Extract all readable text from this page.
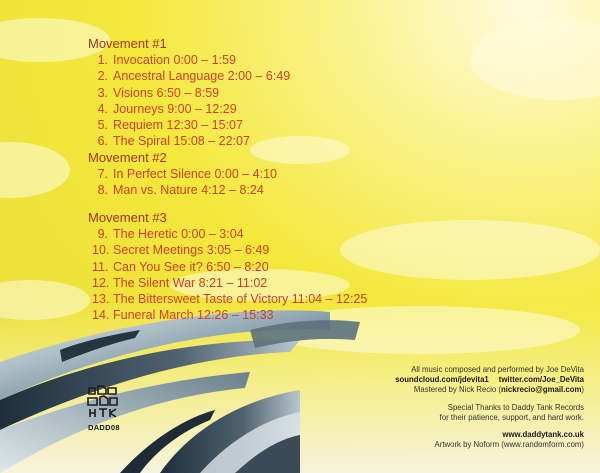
Movement #1
1. Invocation 0:00 – 1:59
2. Ancestral Language 2:00 – 6:49
3. Visions 6:50 – 8:59
4. Journeys 9:00 – 12:29
5. Requiem 12:30 – 15:07
6. The Spiral 15:08 – 22:07
Movement #2
7. In Perfect Silence 0:00 – 4:10
8. Man vs. Nature 4:12 – 8:24
Movement #3
9. The Heretic 0:00 – 3:04
10. Secret Meetings 3:05 – 6:49
11. Can You See it? 6:50 – 8:20
12. The Silent War 8:21 – 11:02
13. The Bittersweet Taste of Victory 11:04 – 12:25
14. Funeral March 12:26 – 15:33
DADD08
All music composed and performed by Joe DeVita
soundcloud.com/jdevita1 twitter.com/Joe_DeVita
Mastered by Nick Recio (nickrecio@gmail.com)
Special Thanks to Daddy Tank Records
for their patience, support, and hard work.
www.daddytank.co.uk
Artwork by Noform (www.randomform.com)
